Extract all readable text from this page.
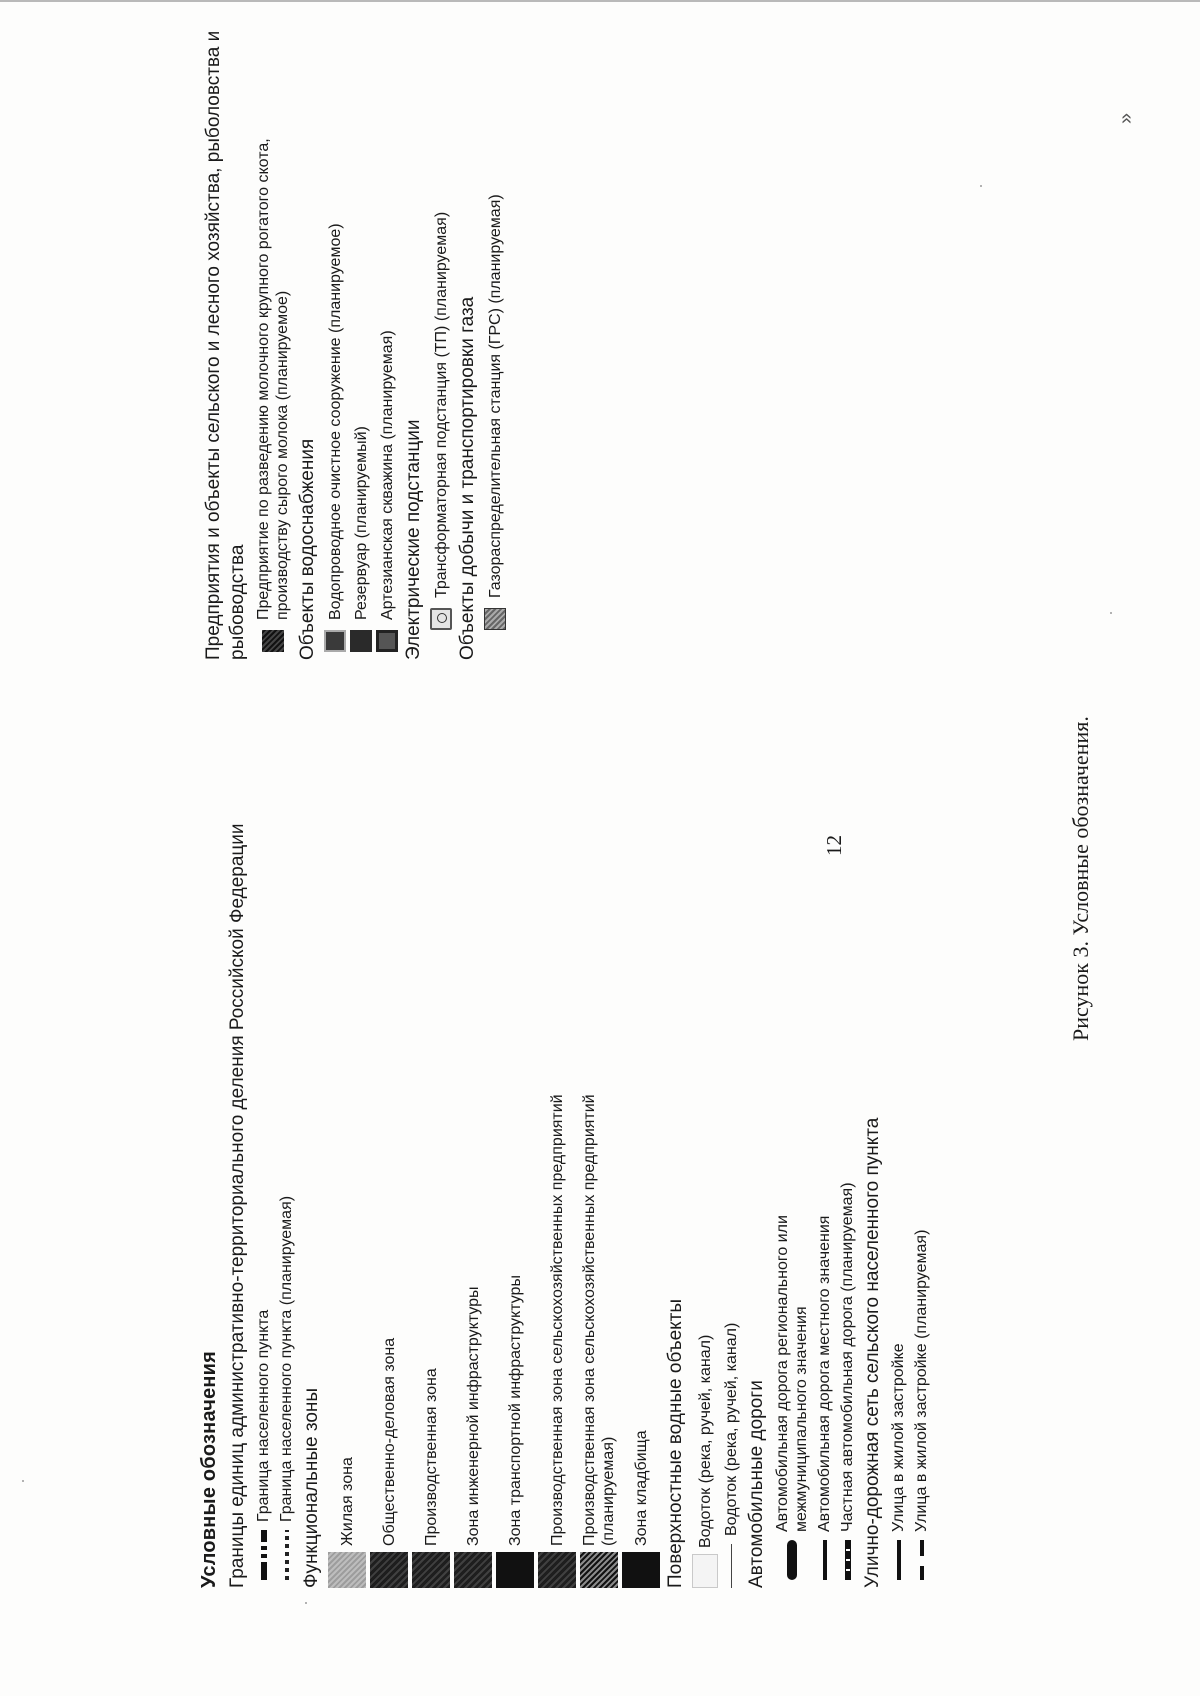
12	Рисунок 3. Условные обозначения.
»
Условные обозначения Границы единиц административно-территориального деления Российской Федерации Граница населенного пункта Граница населенного пункта (планируемая) Функциональные зоны Жилая зона Общественно-деловая зона Производственная зона Зона инженерной инфраструктуры Зона транспортной инфраструктуры Производственная зона сельскохозяйственных предприятий Производственная зона сельскохозяйственных предприятий (планируемая) Зона кладбища Поверхностные водные объекты Водоток (река, ручей, канал) Водоток (река, ручей, канал) Автомобильные дороги Автомобильная дорога регионального или межмуниципального значения Автомобильная дорога местного значения Частная автомобильная дорога (планируемая) Улично-дорожная сеть сельского населенного пункта Улица в жилой застройке Улица в жилой застройке (планируемая)
Предприятия и объекты сельского и лесного хозяйства, рыболовства и рыбоводства Предприятие по разведению молочного крупного рогатого скота, производству сырого молока (планируемое) Объекты водоснабжения Водопроводное очистное сооружение (планируемое) Резервуар (планируемый) Артезианская скважина (планируемая) Электрические подстанции Трансформаторная подстанция (ТП) (планируемая) Объекты добычи и транспортировки газа Газораспределительная станция (ГРС) (планируемая)
